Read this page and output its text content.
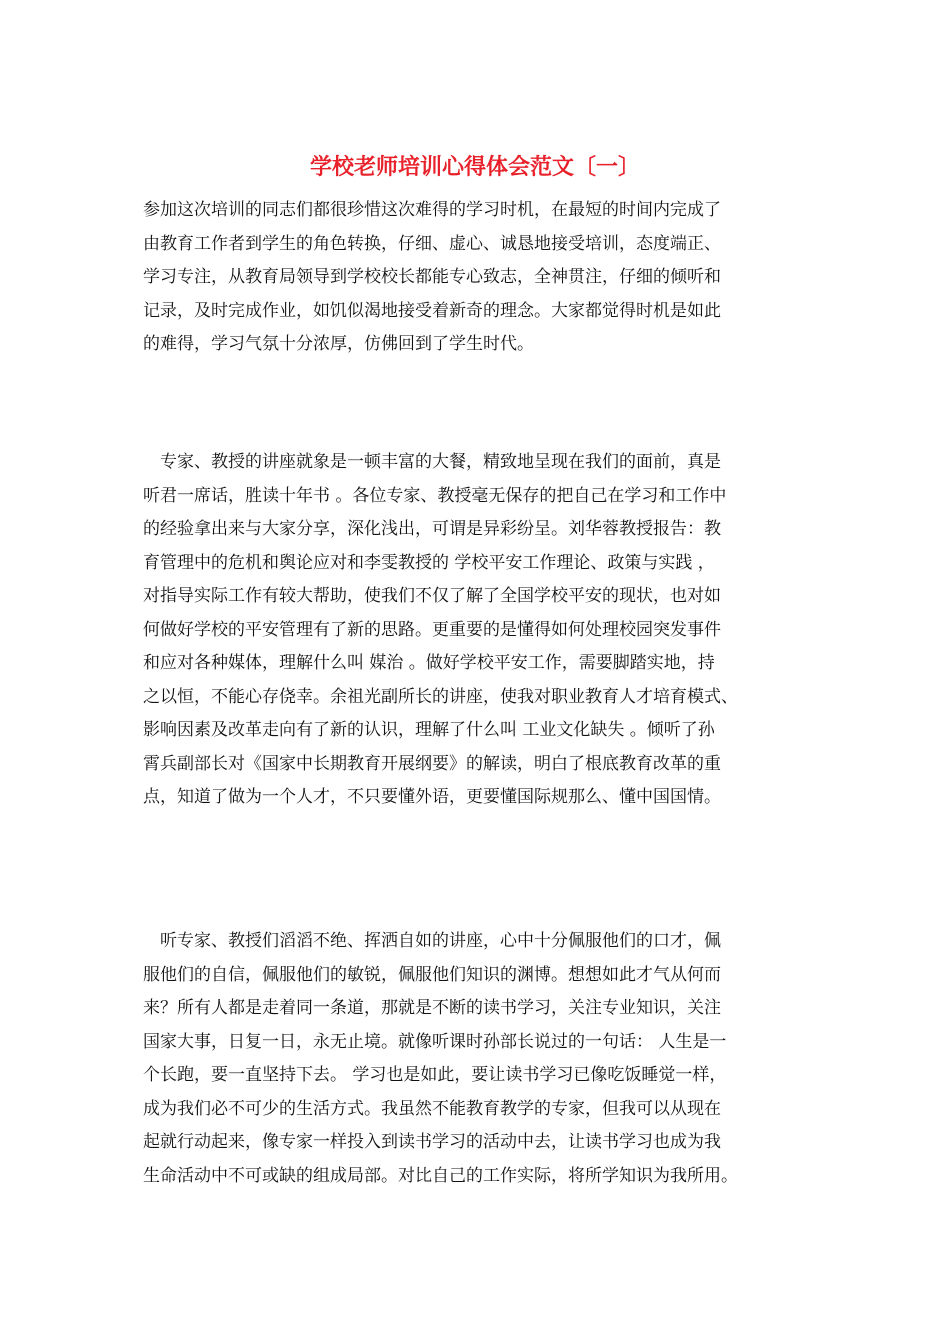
学校老师培训心得体会范文〔一〕

参加这次培训的同志们都很珍惜这次难得的学习时机，在最短的时间内完成了
由教育工作者到学生的角色转换，仔细、虚心、诚恳地接受培训，态度端正、
学习专注，从教育局领导到学校校长都能专心致志，全神贯注，仔细的倾听和
记录，及时完成作业，如饥似渴地接受着新奇的理念。大家都觉得时机是如此
的难得，学习气氛十分浓厚，仿佛回到了学生时代。

　专家、教授的讲座就象是一顿丰富的大餐，精致地呈现在我们的面前，真是
听君一席话，胜读十年书 。各位专家、教授毫无保存的把自己在学习和工作中
的经验拿出来与大家分享，深化浅出，可谓是异彩纷呈。刘华蓉教授报告：教
育管理中的危机和舆论应对和李雯教授的 学校平安工作理论、政策与实践 ，
对指导实际工作有较大帮助，使我们不仅了解了全国学校平安的现状，也对如
何做好学校的平安管理有了新的思路。更重要的是懂得如何处理校园突发事件
和应对各种媒体，理解什么叫 媒治 。做好学校平安工作，需要脚踏实地，持
之以恒，不能心存侥幸。余祖光副所长的讲座，使我对职业教育人才培育模式、
影响因素及改革走向有了新的认识，理解了什么叫 工业文化缺失 。倾听了孙
霄兵副部长对《国家中长期教育开展纲要》的解读，明白了根底教育改革的重
点，知道了做为一个人才，不只要懂外语，更要懂国际规那么、懂中国国情。

　听专家、教授们滔滔不绝、挥洒自如的讲座，心中十分佩服他们的口才，佩
服他们的自信，佩服他们的敏锐，佩服他们知识的渊博。想想如此才气从何而
来？所有人都是走着同一条道，那就是不断的读书学习，关注专业知识，关注
国家大事，日复一日，永无止境。就像听课时孙部长说过的一句话： 人生是一
个长跑，要一直坚持下去。 学习也是如此，要让读书学习已像吃饭睡觉一样，
成为我们必不可少的生活方式。我虽然不能教育教学的专家，但我可以从现在
起就行动起来，像专家一样投入到读书学习的活动中去，让读书学习也成为我
生命活动中不可或缺的组成局部。对比自己的工作实际，将所学知识为我所用。
